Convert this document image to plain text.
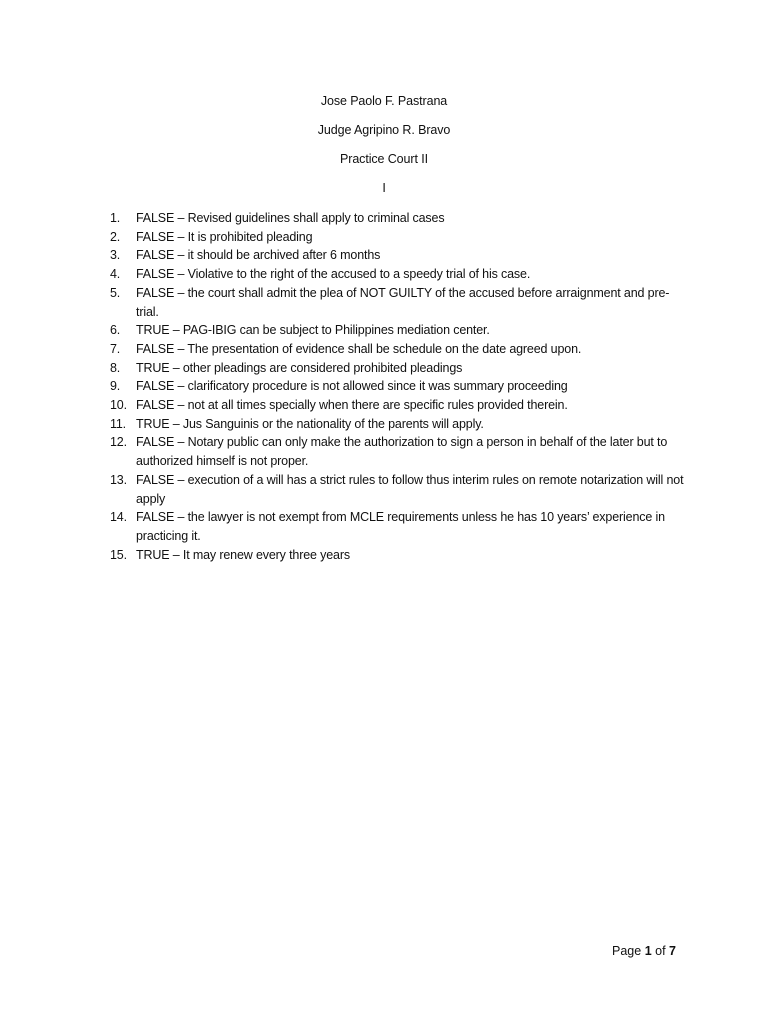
Jose Paolo F. Pastrana
Judge Agripino R. Bravo
Practice Court II
I
1.	FALSE – Revised guidelines shall apply to criminal cases
2.	FALSE – It is prohibited pleading
3.	FALSE – it should be archived after 6 months
4.	FALSE – Violative to the right of the accused to a speedy trial of his case.
5.	FALSE – the court shall admit the plea of NOT GUILTY of the accused before arraignment and pre-trial.
6.	TRUE – PAG-IBIG can be subject to Philippines mediation center.
7.	FALSE – The presentation of evidence shall be schedule on the date agreed upon.
8.	TRUE – other pleadings are considered prohibited pleadings
9.	FALSE – clarificatory procedure is not allowed since it was summary proceeding
10. FALSE – not at all times specially when there are specific rules provided therein.
11. TRUE – Jus Sanguinis or the nationality of the parents will apply.
12. FALSE – Notary public can only make the authorization to sign a person in behalf of the later but to authorized himself is not proper.
13. FALSE – execution of a will has a strict rules to follow thus interim rules on remote notarization will not apply
14. FALSE – the lawyer is not exempt from MCLE requirements unless he has 10 years’ experience in practicing it.
15. TRUE – It may renew every three years
Page 1 of 7
